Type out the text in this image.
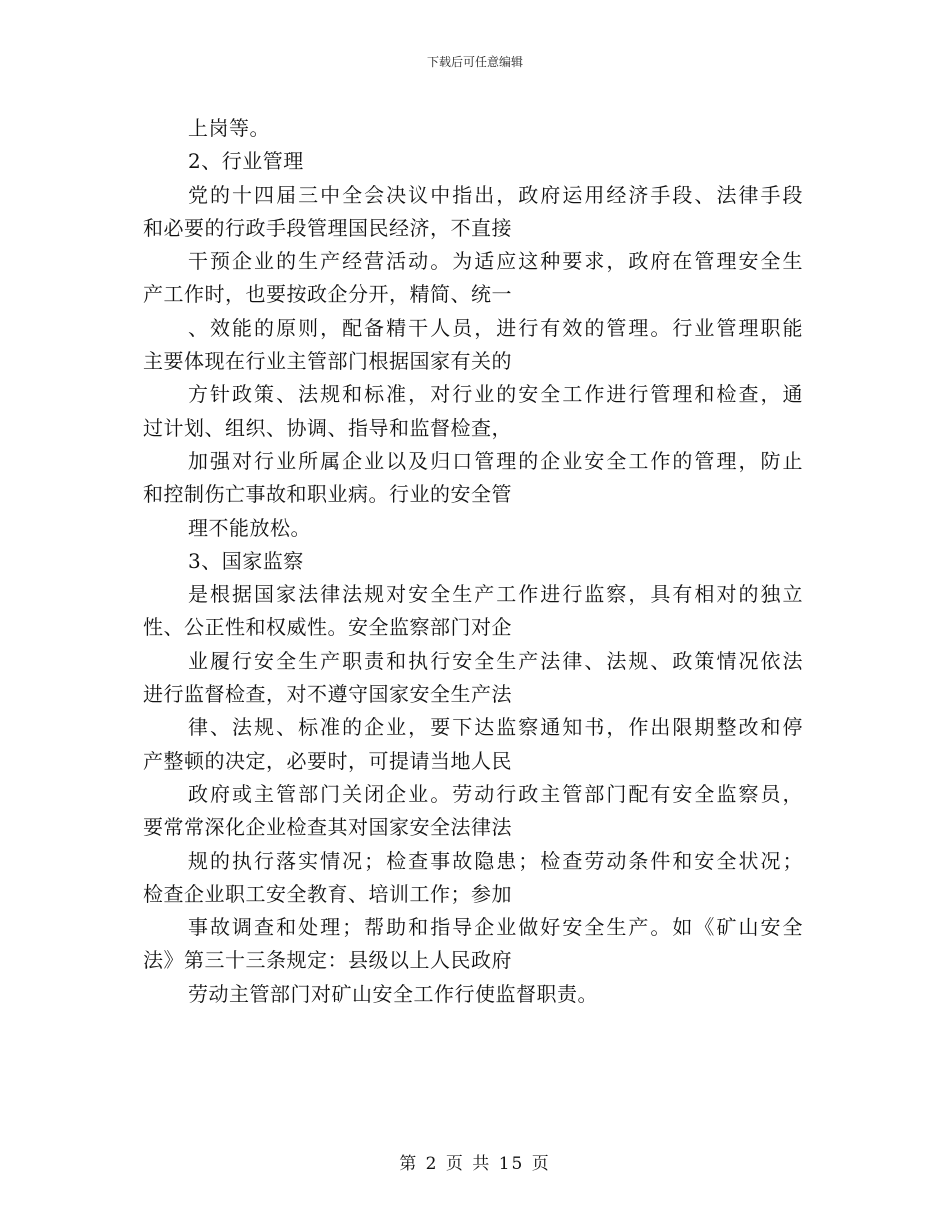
下载后可任意编辑
上岗等。
2、行业管理
党的十四届三中全会决议中指出，政府运用经济手段、法律手段
和必要的行政手段管理国民经济，不直接
干预企业的生产经营活动。为适应这种要求，政府在管理安全生
产工作时，也要按政企分开，精简、统一
、效能的原则，配备精干人员，进行有效的管理。行业管理职能
主要体现在行业主管部门根据国家有关的
方针政策、法规和标准，对行业的安全工作进行管理和检查，通
过计划、组织、协调、指导和监督检查，
加强对行业所属企业以及归口管理的企业安全工作的管理，防止
和控制伤亡事故和职业病。行业的安全管
理不能放松。
3、国家监察
是根据国家法律法规对安全生产工作进行监察，具有相对的独立
性、公正性和权威性。安全监察部门对企
业履行安全生产职责和执行安全生产法律、法规、政策情况依法
进行监督检查，对不遵守国家安全生产法
律、法规、标准的企业，要下达监察通知书，作出限期整改和停
产整顿的决定，必要时，可提请当地人民
政府或主管部门关闭企业。劳动行政主管部门配有安全监察员，
要常常深化企业检查其对国家安全法律法
规的执行落实情况；检查事故隐患；检查劳动条件和安全状况；
检查企业职工安全教育、培训工作；参加
事故调查和处理；帮助和指导企业做好安全生产。如《矿山安全
法》第三十三条规定：县级以上人民政府
劳动主管部门对矿山安全工作行使监督职责。
第 2 页 共 15 页
